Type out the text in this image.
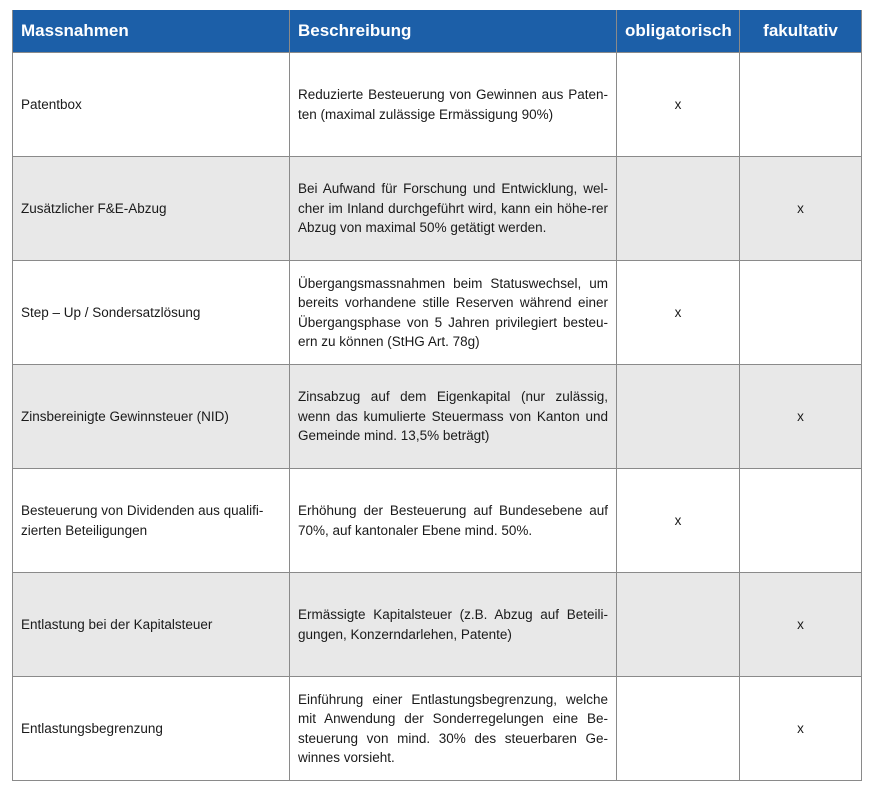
Massnahmen	Beschreibung	obligatorisch	fakultativ
Patentbox	Reduzierte Besteuerung von Gewinnen aus Paten-ten (maximal zulässige Ermässigung 90%)	x	
Zusätzlicher F&E-Abzug	Bei Aufwand für Forschung und Entwicklung, wel-cher im Inland durchgeführt wird, kann ein höhe-rer Abzug von maximal 50% getätigt werden.		x
Step – Up / Sondersatzlösung	Übergangsmassnahmen beim Statuswechsel, um bereits vorhandene stille Reserven während einer Übergangsphase von 5 Jahren privilegiert besteu-ern zu können (StHG Art. 78g)	x	
Zinsbereinigte Gewinnsteuer (NID)	Zinsabzug auf dem Eigenkapital (nur zulässig, wenn das kumulierte Steuermass von Kanton und Gemeinde mind. 13,5% beträgt)		x
Besteuerung von Dividenden aus qualifi-zierten Beteiligungen	Erhöhung der Besteuerung auf Bundesebene auf 70%, auf kantonaler Ebene mind. 50%.	x	
Entlastung bei der Kapitalsteuer	Ermässigte Kapitalsteuer (z.B. Abzug auf Beteili-gungen, Konzerndarlehen, Patente)		x
Entlastungsbegrenzung	Einführung einer Entlastungsbegrenzung, welche mit Anwendung der Sonderregelungen eine Be-steuerung von mind. 30% des steuerbaren Ge-winnes vorsieht.		x
